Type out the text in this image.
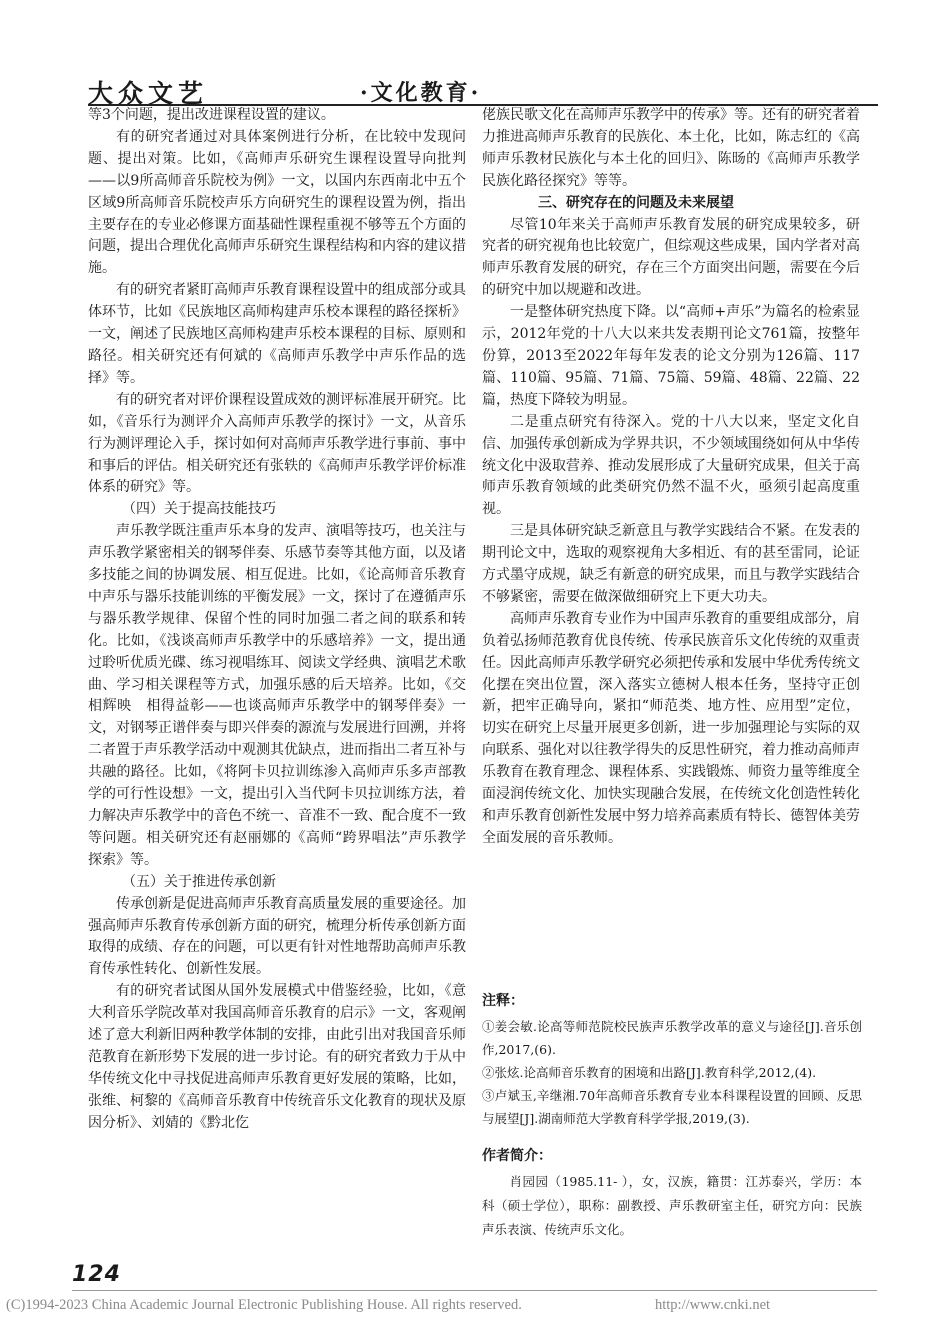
大众文艺	·文化教育·

等3个问题，提出改进课程设置的建议。

有的研究者通过对具体案例进行分析，在比较中发现问题、提出对策。比如，《高师声乐研究生课程设置导向批判——以9所高师音乐院校为例》一文，以国内东西南北中五个区域9所高师音乐院校声乐方向研究生的课程设置为例，指出主要存在的专业必修课方面基础性课程重视不够等五个方面的问题，提出合理优化高师声乐研究生课程结构和内容的建议措施。

有的研究者紧盯高师声乐教育课程设置中的组成部分或具体环节，比如《民族地区高师构建声乐校本课程的路径探析》一文，阐述了民族地区高师构建声乐校本课程的目标、原则和路径。相关研究还有何斌的《高师声乐教学中声乐作品的选择》等。

有的研究者对评价课程设置成效的测评标准展开研究。比如，《音乐行为测评介入高师声乐教学的探讨》一文，从音乐行为测评理论入手，探讨如何对高师声乐教学进行事前、事中和事后的评估。相关研究还有张轶的《高师声乐教学评价标准体系的研究》等。

（四）关于提高技能技巧

声乐教学既注重声乐本身的发声、演唱等技巧，也关注与声乐教学紧密相关的钢琴伴奏、乐感节奏等其他方面，以及诸多技能之间的协调发展、相互促进。比如，《论高师音乐教育中声乐与器乐技能训练的平衡发展》一文，探讨了在遵循声乐与器乐教学规律、保留个性的同时加强二者之间的联系和转化。比如，《浅谈高师声乐教学中的乐感培养》一文，提出通过聆听优质光碟、练习视唱练耳、阅读文学经典、演唱艺术歌曲、学习相关课程等方式，加强乐感的后天培养。比如，《交相辉映　相得益彰——也谈高师声乐教学中的钢琴伴奏》一文，对钢琴正谱伴奏与即兴伴奏的源流与发展进行回溯，并将二者置于声乐教学活动中观测其优缺点，进而指出二者互补与共融的路径。比如，《将阿卡贝拉训练渗入高师声乐多声部教学的可行性设想》一文，提出引入当代阿卡贝拉训练方法，着力解决声乐教学中的音色不统一、音准不一致、配合度不一致等问题。相关研究还有赵丽娜的《高师“跨界唱法”声乐教学探索》等。

（五）关于推进传承创新

传承创新是促进高师声乐教育高质量发展的重要途径。加强高师声乐教育传承创新方面的研究，梳理分析传承创新方面取得的成绩、存在的问题，可以更有针对性地帮助高师声乐教育传承性转化、创新性发展。

有的研究者试图从国外发展模式中借鉴经验，比如，《意大利音乐学院改革对我国高师音乐教育的启示》一文，客观阐述了意大利新旧两种教学体制的安排，由此引出对我国音乐师范教育在新形势下发展的进一步讨论。有的研究者致力于从中华传统文化中寻找促进高师声乐教育更好发展的策略，比如，张维、柯黎的《高师音乐教育中传统音乐文化教育的现状及原因分析》、刘婧的《黔北仡

佬族民歌文化在高师声乐教学中的传承》等。还有的研究者着力推进高师声乐教育的民族化、本土化，比如，陈志红的《高师声乐教材民族化与本土化的回归》、陈旸的《高师声乐教学民族化路径探究》等等。

三、研究存在的问题及未来展望

尽管10年来关于高师声乐教育发展的研究成果较多，研究者的研究视角也比较宽广，但综观这些成果，国内学者对高师声乐教育发展的研究，存在三个方面突出问题，需要在今后的研究中加以规避和改进。

一是整体研究热度下降。以“高师+声乐”为篇名的检索显示，2012年党的十八大以来共发表期刊论文761篇，按整年份算，2013至2022年每年发表的论文分别为126篇、117篇、110篇、95篇、71篇、75篇、59篇、48篇、22篇、22篇，热度下降较为明显。

二是重点研究有待深入。党的十八大以来，坚定文化自信、加强传承创新成为学界共识，不少领域围绕如何从中华传统文化中汲取营养、推动发展形成了大量研究成果，但关于高师声乐教育领域的此类研究仍然不温不火，亟须引起高度重视。

三是具体研究缺乏新意且与教学实践结合不紧。在发表的期刊论文中，选取的观察视角大多相近、有的甚至雷同，论证方式墨守成规，缺乏有新意的研究成果，而且与教学实践结合不够紧密，需要在做深做细研究上下更大功夫。

高师声乐教育专业作为中国声乐教育的重要组成部分，肩负着弘扬师范教育优良传统、传承民族音乐文化传统的双重责任。因此高师声乐教学研究必须把传承和发展中华优秀传统文化摆在突出位置，深入落实立德树人根本任务，坚持守正创新，把牢正确导向，紧扣“师范类、地方性、应用型”定位，切实在研究上尽量开展更多创新，进一步加强理论与实际的双向联系、强化对以往教学得失的反思性研究，着力推动高师声乐教育在教育理念、课程体系、实践锻炼、师资力量等维度全面浸润传统文化、加快实现融合发展，在传统文化创造性转化和声乐教育创新性发展中努力培养高素质有特长、德智体美劳全面发展的音乐教师。

注释：

①姜会敏.论高等师范院校民族声乐教学改革的意义与途径[J].音乐创作,2017,(6).
②张炫.论高师音乐教育的困境和出路[J].教育科学,2012,(4).
③卢斌玉,辛继湘.70年高师音乐教育专业本科课程设置的回顾、反思与展望[J].湖南师范大学教育科学学报,2019,(3).

作者简介：

肖园园（1985.11- ），女，汉族，籍贯：江苏泰兴，学历：本科（硕士学位），职称：副教授、声乐教研室主任，研究方向：民族声乐表演、传统声乐文化。

124
(C)1994-2023 China Academic Journal Electronic Publishing House. All rights reserved.	http://www.cnki.net
